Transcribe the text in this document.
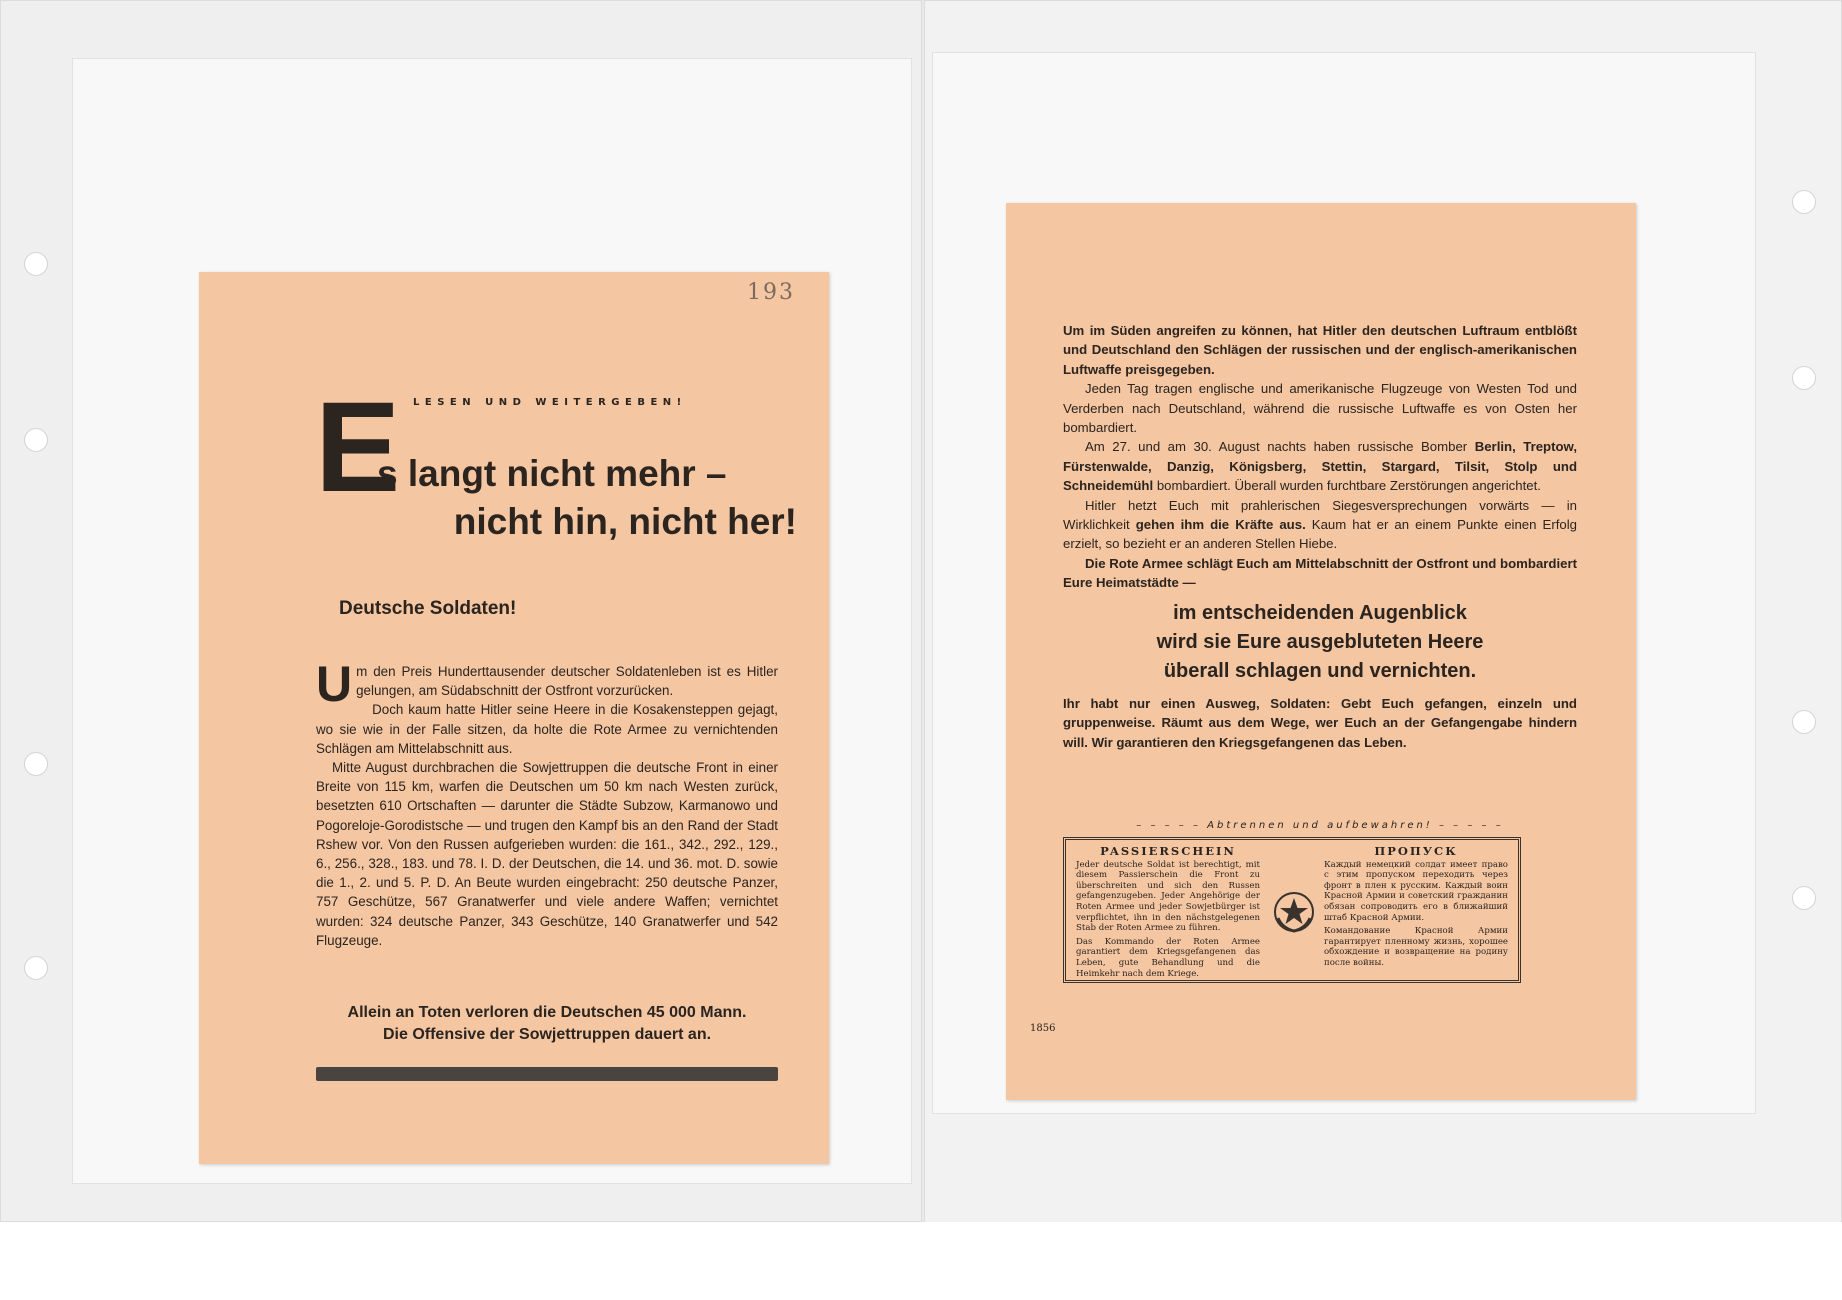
193
LESEN UND WEITERGEBEN!
E
s langt nicht mehr –
nicht hin, nicht her!
Deutsche Soldaten!

Um den Preis Hunderttausender deutscher Soldatenleben ist es Hitler gelungen, am Südabschnitt der Ostfront vorzurücken.

Doch kaum hatte Hitler seine Heere in die Kosakensteppen gejagt, wo sie wie in der Falle sitzen, da holte die Rote Armee zu vernichtenden Schlägen am Mittelabschnitt aus.

Mitte August durchbrachen die Sowjettruppen die deutsche Front in einer Breite von 115 km, warfen die Deutschen um 50 km nach Westen zurück, besetzten 610 Ortschaften — darunter die Städte Subzow, Karmanowo und Pogoreloje-Gorodistsche — und trugen den Kampf bis an den Rand der Stadt Rshew vor. Von den Russen aufgerieben wurden: die 161., 342., 292., 129., 6., 256., 328., 183. und 78. I. D. der Deutschen, die 14. und 36. mot. D. sowie die 1., 2. und 5. P. D. An Beute wurden eingebracht: 250 deutsche Panzer, 757 Geschütze, 567 Granatwerfer und viele andere Waffen; vernichtet wurden: 324 deutsche Panzer, 343 Geschütze, 140 Granatwerfer und 542 Flugzeuge.

Allein an Toten verloren die Deutschen 45 000 Mann.
Die Offensive der Sowjettruppen dauert an.

Um im Süden angreifen zu können, hat Hitler den deutschen Luftraum entblößt und Deutschland den Schlägen der russischen und der englisch-amerikanischen Luftwaffe preisgegeben.

Jeden Tag tragen englische und amerikanische Flugzeuge von Westen Tod und Verderben nach Deutschland, während die russische Luftwaffe es von Osten her bombardiert.

Am 27. und am 30. August nachts haben russische Bomber Berlin, Treptow, Fürstenwalde, Danzig, Königsberg, Stettin, Stargard, Tilsit, Stolp und Schneidemühl bombardiert. Überall wurden furchtbare Zerstörungen angerichtet.

Hitler hetzt Euch mit prahlerischen Siegesversprechungen vorwärts — in Wirklichkeit gehen ihm die Kräfte aus. Kaum hat er an einem Punkte einen Erfolg erzielt, so bezieht er an anderen Stellen Hiebe.

Die Rote Armee schlägt Euch am Mittelabschnitt der Ostfront und bombardiert Eure Heimatstädte —

im entscheidenden Augenblick
wird sie Eure ausgebluteten Heere
überall schlagen und vernichten.

Ihr habt nur einen Ausweg, Soldaten: Gebt Euch gefangen, einzeln und gruppenweise. Räumt aus dem Wege, wer Euch an der Gefangengabe hindern will. Wir garantieren den Kriegsgefangenen das Leben.

– – – – – Abtrennen und aufbewahren! – – – – –
PASSIERSCHEIN

Jeder deutsche Soldat ist berechtigt, mit diesem Passierschein die Front zu überschreiten und sich den Russen gefangenzugeben. Jeder Angehörige der Roten Armee und jeder Sowjetbürger ist verpflichtet, ihn in den nächstgelegenen Stab der Roten Armee zu führen.

Das Kommando der Roten Armee garantiert dem Kriegsgefangenen das Leben, gute Behandlung und die Heimkehr nach dem Kriege.

ПРОПУСК

Каждый немецкий солдат имеет право с этим пропуском переходить через фронт в плен к русским. Каждый воин Красной Армии и советский гражданин обязан сопроводить его в ближайший штаб Красной Армии.

Командование Красной Армии гарантирует пленному жизнь, хорошее обхождение и возвращение на родину после войны.

1856
